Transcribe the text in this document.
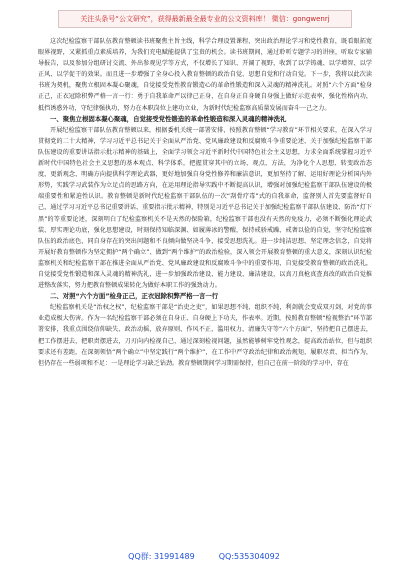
关注头条号“公文研究”，获得最新最全最专业的公文资料库！ 微信：gongwenrj

这次纪检监察干部队伍教育整顿读书班聚焦主旨主线，科学合理设置课程，突出政治理论学习和党性教育，既看眼拓宽眼界视野，又紧抓重点素质培养，为我们充电赋能提供了宝贵的机会。读书班期间，通过聆听专题学习的讲座，听取专家辅导报告，以及参加分组研讨交流、外出参观见学等方式，不仅增长了知识、开阔了视野，收到了以学铸魂、以学增智、以学正风、以学促干的效果。而且进一步增强了全身心投入教育整顿的政治自觉、思想自觉和行动自觉。下一步，我将以此次读书班为契机，聚焦立根固本凝心聚魂，自觉接受党性教育锻造心的革命性锻造和深入灵魂的精神洗礼。对照“六个方面”检身正己，正衣冠除积弊严格一言一行：勇于自我革命严以律己正身，在自身正自身硬自身强上做好示范表率，强化性格内功，抵挡诱惑外功，守纪律强执功，努力在本职岗位上建功立业，为新时代纪检监察高质量发展而奋斗一己之力。

一、聚焦立根固本凝心聚魂，自觉接受党性锻造的革命性锻造和深入灵魂的精神洗礼

开展纪检监察干部队伍教育整顿以来，根据委机关统一部署安排，按照教育整顿“学习教育”环节相关要求，在深入学习贯彻党的二十大精神，学习习近平总书记关于全面从严治党、党风廉政建设和反腐败斗争重要论述、关于加强纪检监察干部队伍建设的重要讲话指示批示精神的基础上，全面学习领会习近平新时代中国特色社会主义思想，力求全面系统掌握习近平新时代中国特色社会主义思想的基本观点、科学体系，把握贯穿其中的立场、观点、方法，为净化个人思想、转变政治态度、更新观念、明确方向提供科学理论武器，更好地加强自身党性修养和廉洁意识，更加坚持了解、运用好理论分析国内外形势，实践学习武装作为立足点的思路方向，在运用理论指导实践中不断提高认识，增强对加强纪检监察干部队伍建设的极端重要性和紧迫性认识。教育整顿是新时代纪检监察干部队伍的一次“刮骨疗毒”式的自我革命，监督别人首先要监督好自己，通过学习习近平总书记重要讲话、重要指示批示精神，特别是习近平总书记关于加强纪检监察干部队伍建设、防治“灯下黑”的等重要论述，深刻明白了纪检监察机关不是天然的保险箱，纪检监察干部也没有天然的免疫力，必须不断强化理论武装、厚实理论功底，强化思想建设，时刻保持知临深渊、如履薄冰的警醒，保持戒骄戒躁、戒奢以俭的自觉，坚守纪检监察队伍的政治底色，同自身存在的突出问题和不良倾向做坚决斗争，接受思想洗礼。进一步纯洁思想、坚定理念信念，自觉将开展好教育整顿作为坚定拥护“两个确立”、做到“两个维护”的政治检验，深入领会开展教育整顿的重大意义，深刻认识纪检监察机关和纪检监察干部在推进全面从严治党、党风廉政建设和反腐败斗争中的重要作用，自觉接受教育整顿的政治洗礼，自觉接受党性锻造和深入灵魂的精神洗礼，进一步加强政治建设、能力建设、廉洁建设，以真刀真枪真查真改的政治自觉推进整改落实，努力把教育整顿成果转化为做好本职工作的强劲动力。

二、对照“六个方面”检身正己，正衣冠除积弊严格一言一行

纪检监察机关是“治权之权”，纪检监察干部是“治吏之吏”，如果思想不纯、组织不纯，利剑就会变成双刃剑，对党的事业造成极大伤害。作为一名纪检监察干部必须在自身正、自身硬上下功夫，作表率。近期，按照教育整顿“检视整治”环节部署安排，我重点围绕信仰缺失、政治动摇，放弃原则、作风不正，滥用权力、清廉失守等“六个方面”，坚持把自己摆进去，把工作摆进去，把职责摆进去，刀刃向内检视自己，通过深刻检视问题，虽然能够树牢党性观念，提高政治站位，但与组织要求还有差距，在深刻领悟“两个确立”中坚定践行“两个维护”，在工作中严守政治纪律和政治规矩，履职尽责、担当作为，但仍存在一些弱项和不足：一是理论学习缺乏钻劲。教育整顿期间学习期需保持，但自己在前一阶段的学习中，存在

QQ群: 31991489	QQ:535304092
